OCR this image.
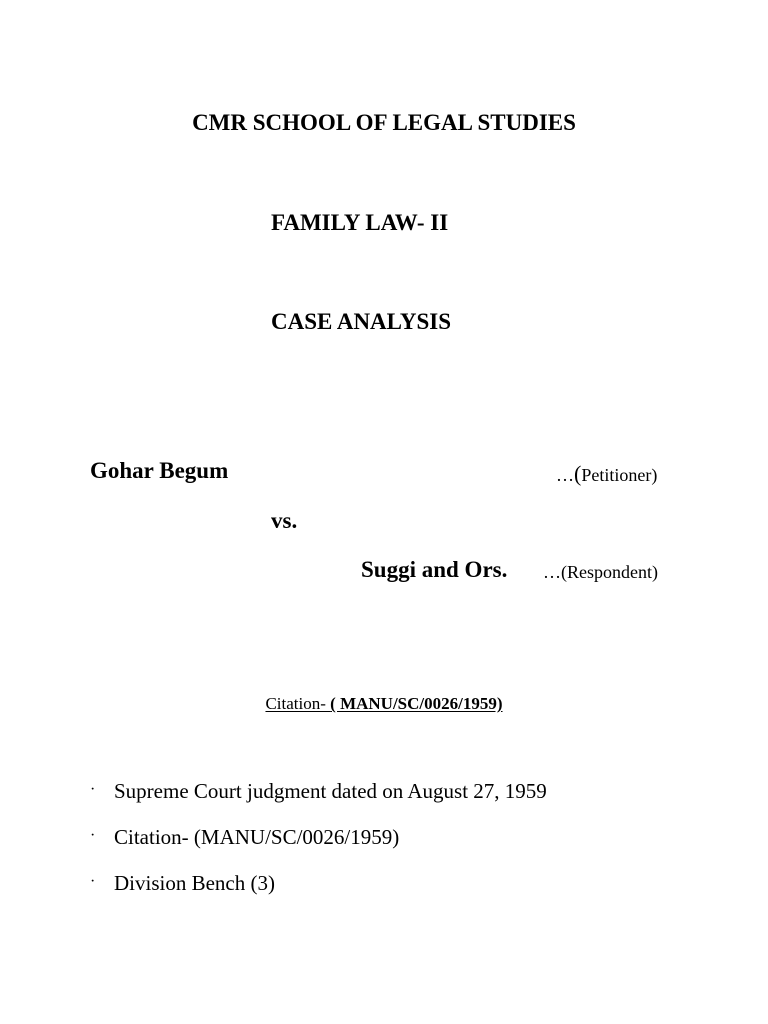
CMR SCHOOL OF LEGAL STUDIES
FAMILY LAW- II
CASE ANALYSIS
Gohar Begum	…(Petitioner)
vs.
Suggi and Ors. …(Respondent)
Citation- ( MANU/SC/0026/1959)
· Supreme Court judgment dated on August 27, 1959
· Citation- (MANU/SC/0026/1959)
· Division Bench (3)
